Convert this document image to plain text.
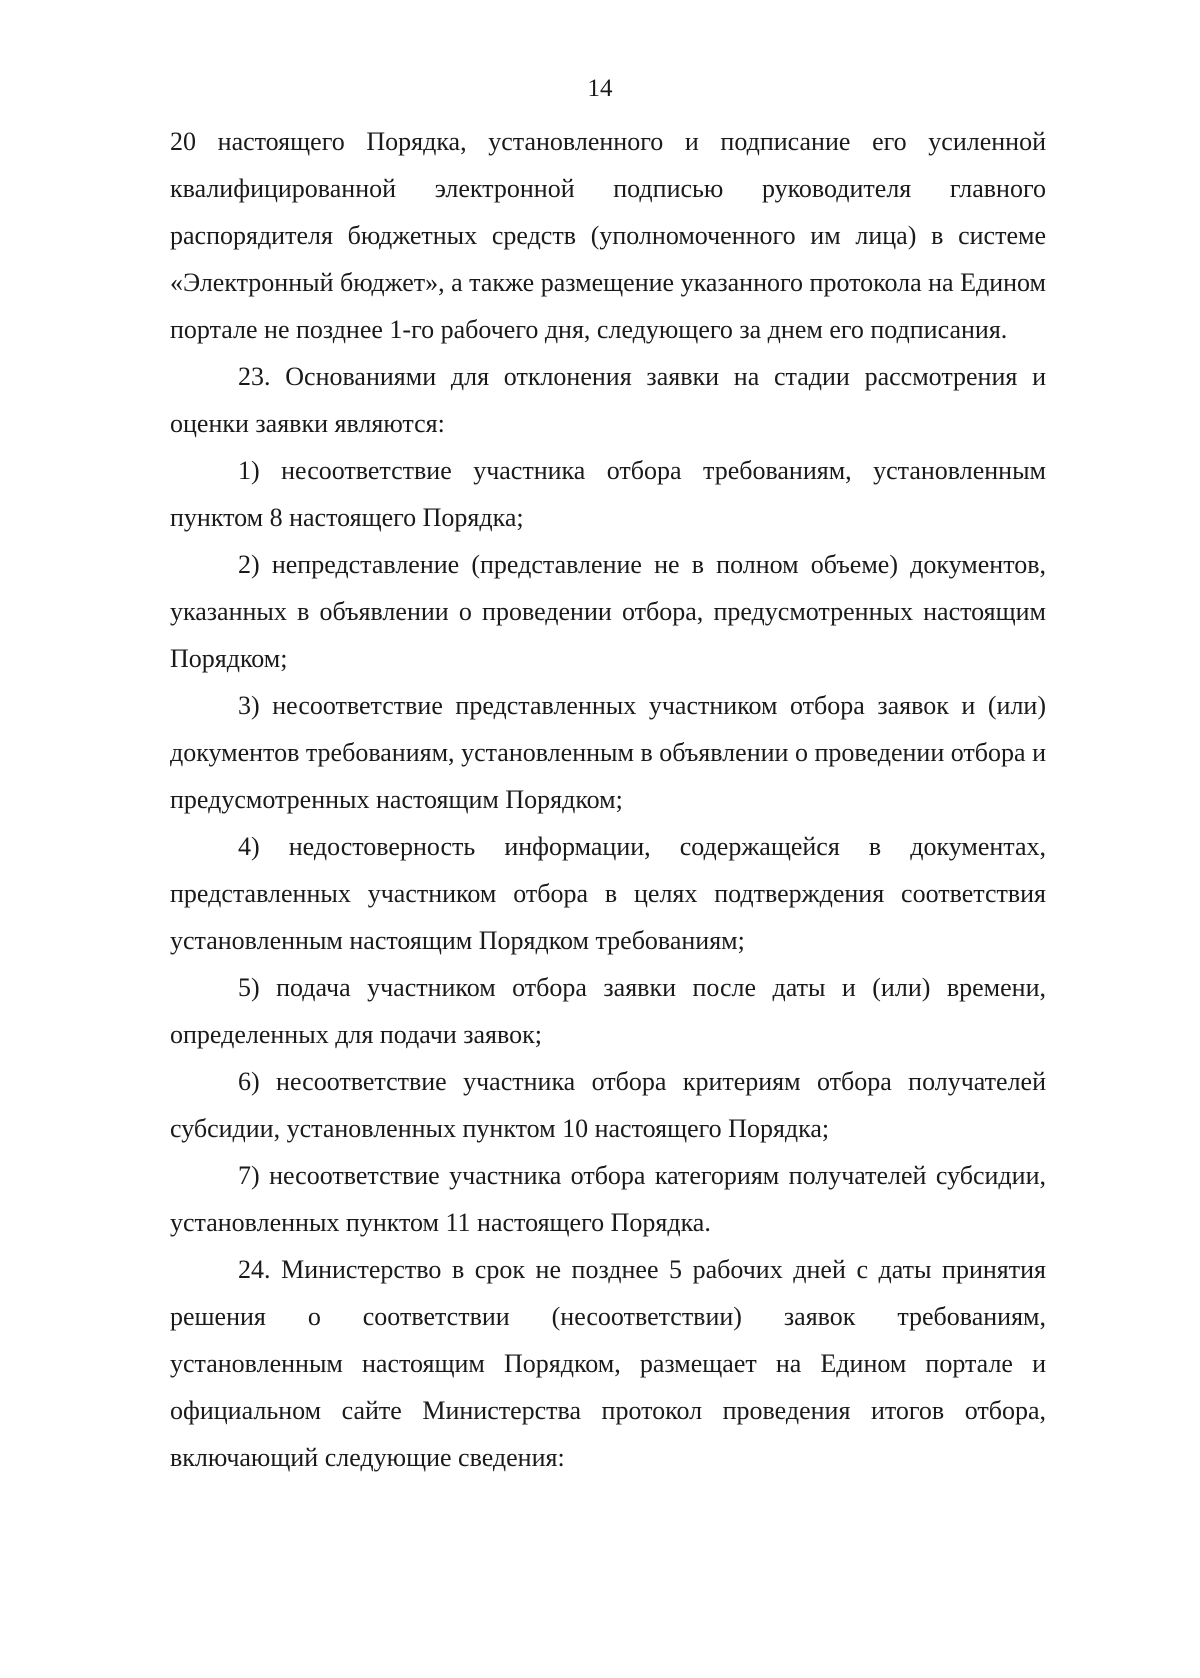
14

20 настоящего Порядка, установленного и подписание его усиленной квалифицированной электронной подписью руководителя главного распорядителя бюджетных средств (уполномоченного им лица) в системе «Электронный бюджет», а также размещение указанного протокола на Едином портале не позднее 1-го рабочего дня, следующего за днем его подписания.

23. Основаниями для отклонения заявки на стадии рассмотрения и оценки заявки являются:

1) несоответствие участника отбора требованиям, установленным пунктом 8 настоящего Порядка;

2) непредставление (представление не в полном объеме) документов, указанных в объявлении о проведении отбора, предусмотренных настоящим Порядком;

3) несоответствие представленных участником отбора заявок и (или) документов требованиям, установленным в объявлении о проведении отбора и предусмотренных настоящим Порядком;

4) недостоверность информации, содержащейся в документах, представленных участником отбора в целях подтверждения соответствия установленным настоящим Порядком требованиям;

5) подача участником отбора заявки после даты и (или) времени, определенных для подачи заявок;

6) несоответствие участника отбора критериям отбора получателей субсидии, установленных пунктом 10 настоящего Порядка;

7) несоответствие участника отбора категориям получателей субсидии, установленных пунктом 11 настоящего Порядка.

24. Министерство в срок не позднее 5 рабочих дней с даты принятия решения о соответствии (несоответствии) заявок требованиям, установленным настоящим Порядком, размещает на Едином портале и официальном сайте Министерства протокол проведения итогов отбора, включающий следующие сведения:
